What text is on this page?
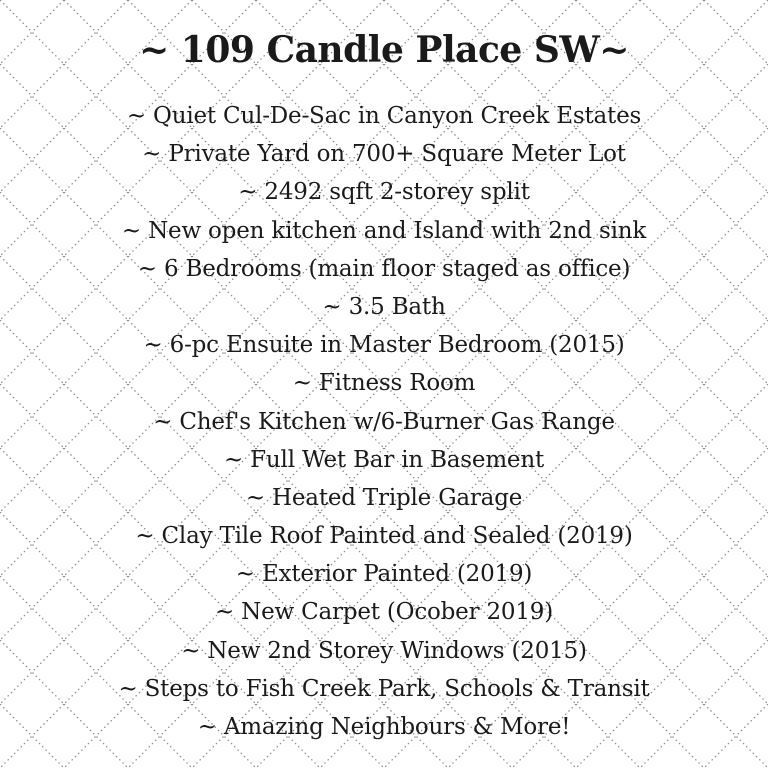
~ 109 Candle Place SW~
~ Quiet Cul-De-Sac in Canyon Creek Estates
~ Private Yard on 700+ Square Meter Lot
~ 2492 sqft 2-storey split
~ New open kitchen and Island with 2nd sink
~ 6 Bedrooms (main floor staged as office)
~ 3.5 Bath
~ 6-pc Ensuite in Master Bedroom (2015)
~ Fitness Room
~ Chef's Kitchen w/6-Burner Gas Range
~ Full Wet Bar in Basement
~ Heated Triple Garage
~ Clay Tile Roof Painted and Sealed (2019)
~ Exterior Painted (2019)
~ New Carpet (Ocober 2019)
~ New 2nd Storey Windows (2015)
~ Steps to Fish Creek Park, Schools & Transit
~ Amazing Neighbours & More!
